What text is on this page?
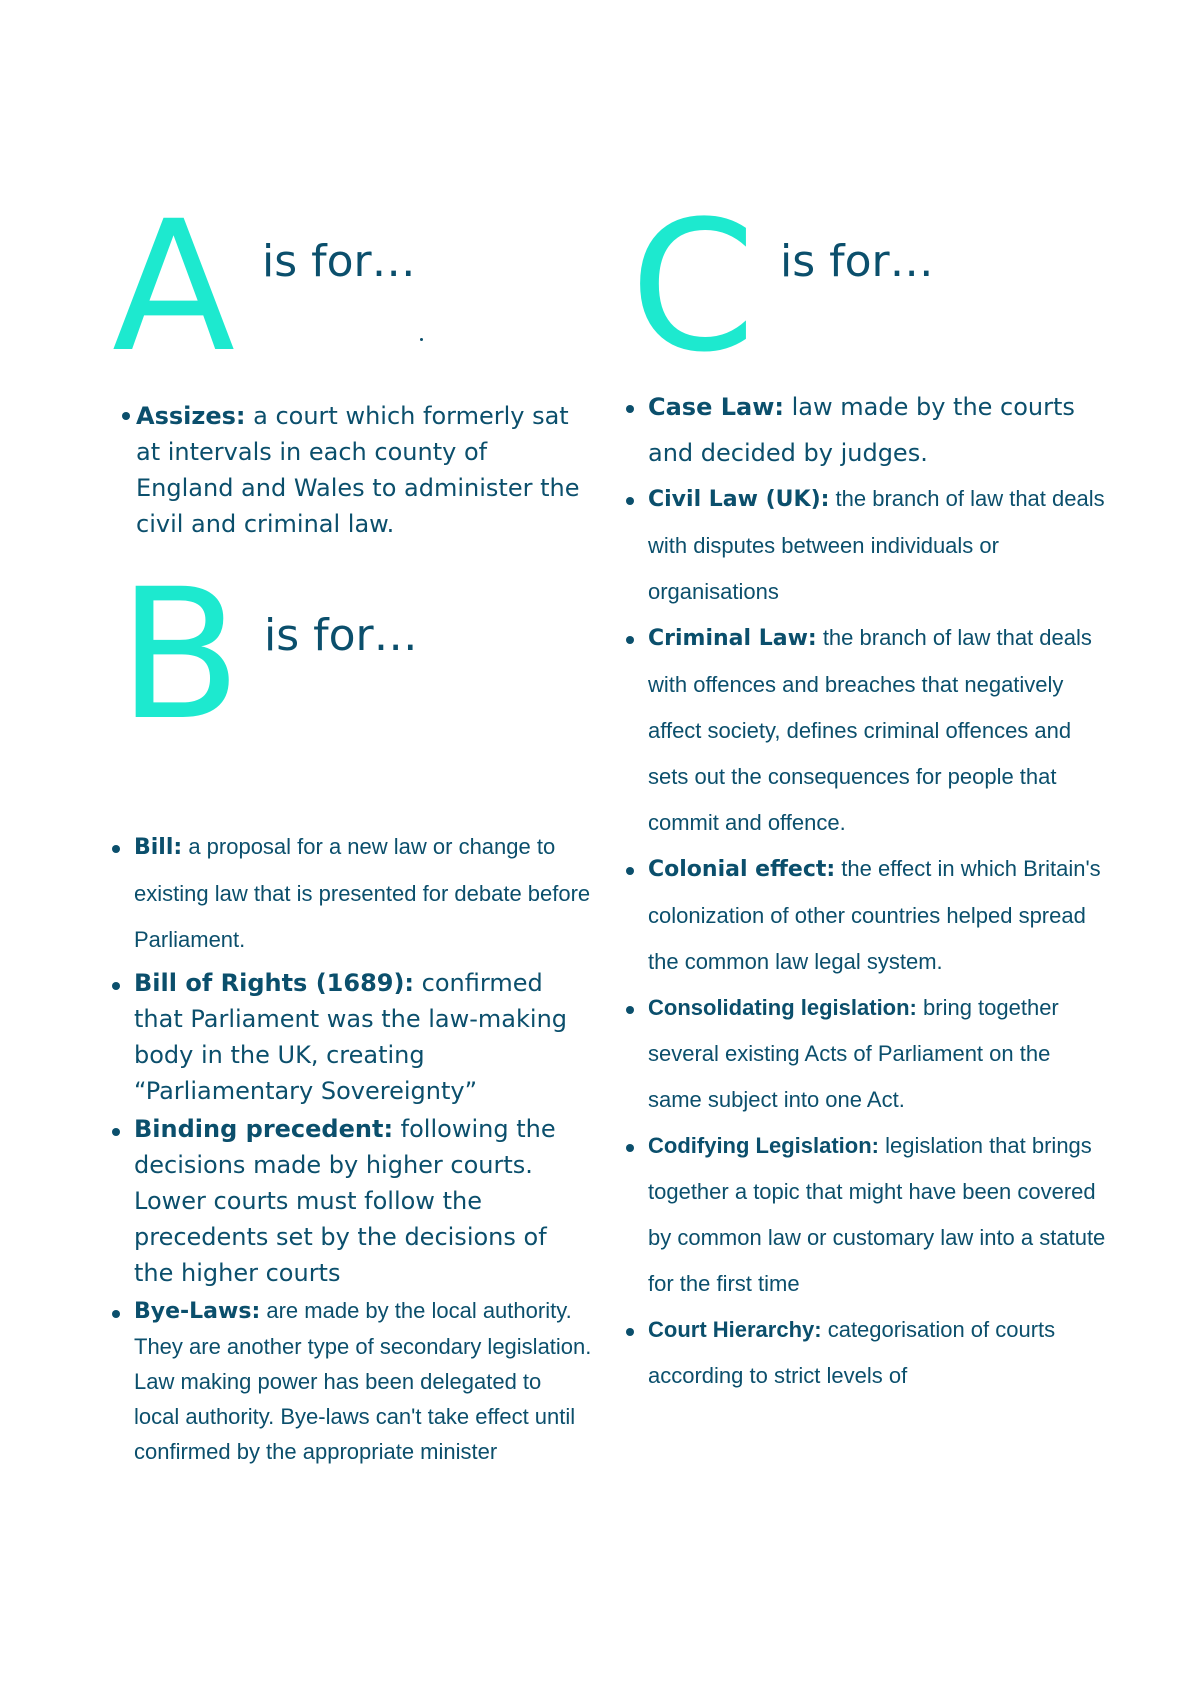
A is for…
Assizes: a court which formerly sat at intervals in each county of England and Wales to administer the civil and criminal law.
B is for…
Bill: a proposal for a new law or change to existing law that is presented for debate before Parliament.
Bill of Rights (1689): confirmed that Parliament was the law-making body in the UK, creating “Parliamentary Sovereignty”
Binding precedent: following the decisions made by higher courts. Lower courts must follow the precedents set by the decisions of the higher courts
Bye-Laws: are made by the local authority. They are another type of secondary legislation. Law making power has been delegated to local authority. Bye-laws can't take effect until confirmed by the appropriate minister
C is for…
Case Law: law made by the courts and decided by judges.
Civil Law (UK): the branch of law that deals with disputes between individuals or organisations
Criminal Law: the branch of law that deals with offences and breaches that negatively affect society, defines criminal offences and sets out the consequences for people that commit and offence.
Colonial effect: the effect in which Britain's colonization of other countries helped spread the common law legal system.
Consolidating legislation: bring together several existing Acts of Parliament on the same subject into one Act.
Codifying Legislation: legislation that brings together a topic that might have been covered by common law or customary law into a statute for the first time
Court Hierarchy: categorisation of courts according to strict levels of
